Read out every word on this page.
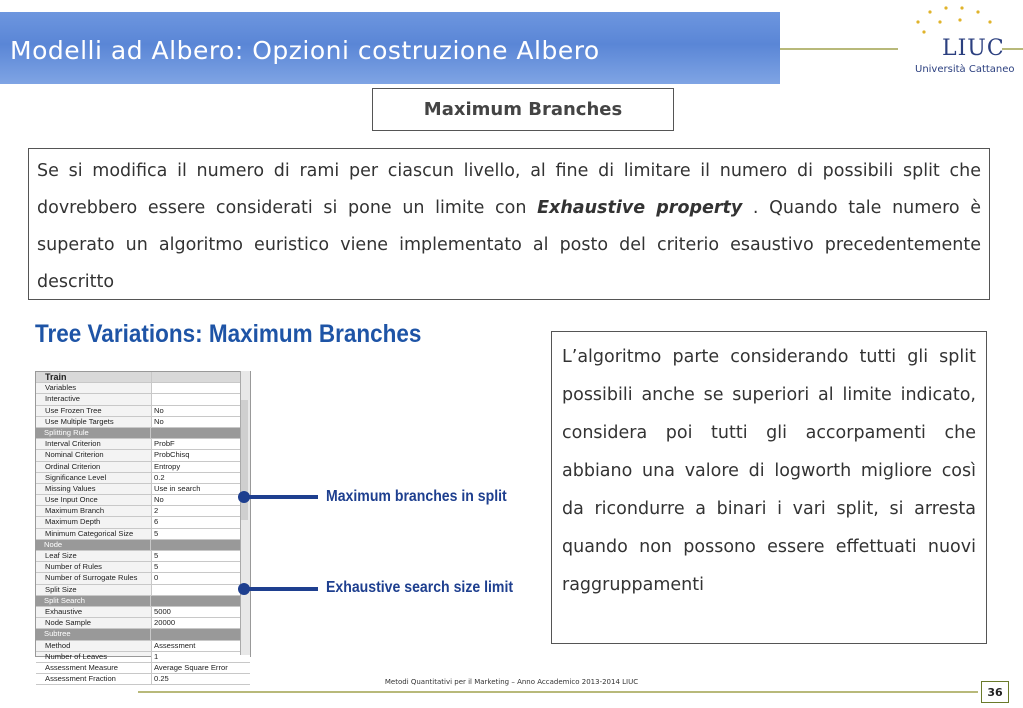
Modelli ad Albero: Opzioni costruzione Albero	LIUC
Università Cattaneo
Maximum Branches
Se si modifica il numero di rami per ciascun livello, al fine di limitare il numero di possibili split che dovrebbero essere considerati si pone un limite con Exhaustive property . Quando tale numero è superato un algoritmo euristico viene implementato al posto del criterio esaustivo precedentemente descritto
Tree Variations: Maximum Branches
Train
Variables
Interactive
Use Frozen Tree	No
Use Multiple Targets	No
Splitting Rule
Interval Criterion	ProbF
Nominal Criterion	ProbChisq
Ordinal Criterion	Entropy
Significance Level	0.2
Missing Values	Use in search
Use Input Once	No
Maximum Branch	2
Maximum Depth	6
Minimum Categorical Size	5
Node
Leaf Size	5
Number of Rules	5
Number of Surrogate Rules	0
Split Size
Split Search
Exhaustive	5000
Node Sample	20000
Subtree
Method	Assessment
Number of Leaves	1
Assessment Measure	Average Square Error
Assessment Fraction	0.25
Maximum branches in split
Exhaustive search size limit
L’algoritmo parte considerando tutti gli split possibili anche se superiori al limite indicato, considera poi tutti gli accorpamenti che abbiano una valore di logworth migliore così da ricondurre a binari i vari split, si arresta quando non possono essere effettuati nuovi raggruppamenti
Metodi Quantitativi per il Marketing – Anno Accademico 2013-2014 LIUC
36
